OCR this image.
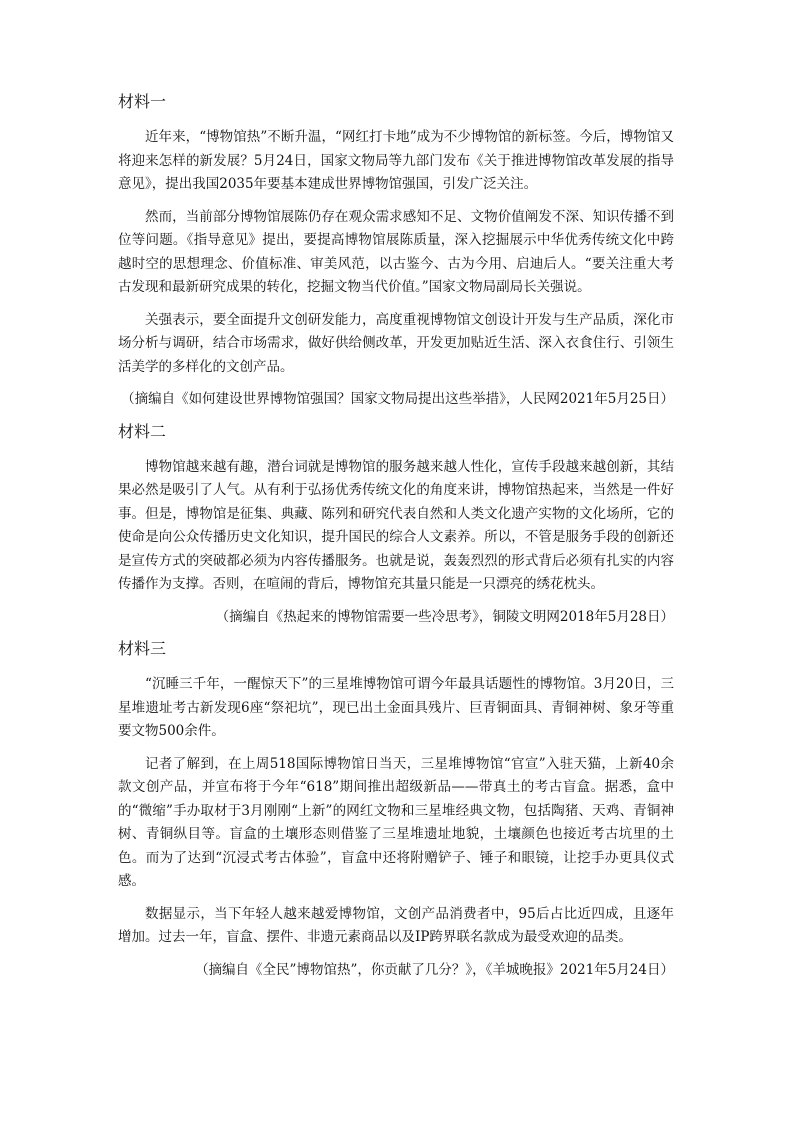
材料一

近年来，“博物馆热”不断升温，“网红打卡地”成为不少博物馆的新标签。今后，博物馆又将迎来怎样的新发展？5月24日，国家文物局等九部门发布《关于推进博物馆改革发展的指导意见》，提出我国2035年要基本建成世界博物馆强国，引发广泛关注。

然而，当前部分博物馆展陈仍存在观众需求感知不足、文物价值阐发不深、知识传播不到位等问题。《指导意见》提出，要提高博物馆展陈质量，深入挖掘展示中华优秀传统文化中跨越时空的思想理念、价值标准、审美风范，以古鉴今、古为今用、启迪后人。“要关注重大考古发现和最新研究成果的转化，挖掘文物当代价值。”国家文物局副局长关强说。

关强表示，要全面提升文创研发能力，高度重视博物馆文创设计开发与生产品质，深化市场分析与调研，结合市场需求，做好供给侧改革，开发更加贴近生活、深入衣食住行、引领生活美学的多样化的文创产品。

（摘编自《如何建设世界博物馆强国？国家文物局提出这些举措》，人民网2021年5月25日）

材料二

博物馆越来越有趣，潜台词就是博物馆的服务越来越人性化，宣传手段越来越创新，其结果必然是吸引了人气。从有利于弘扬优秀传统文化的角度来讲，博物馆热起来，当然是一件好事。但是，博物馆是征集、典藏、陈列和研究代表自然和人类文化遗产实物的文化场所，它的使命是向公众传播历史文化知识，提升国民的综合人文素养。所以，不管是服务手段的创新还是宣传方式的突破都必须为内容传播服务。也就是说，轰轰烈烈的形式背后必须有扎实的内容传播作为支撑。否则，在喧闹的背后，博物馆充其量只能是一只漂亮的绣花枕头。

（摘编自《热起来的博物馆需要一些冷思考》，铜陵文明网2018年5月28日）

材料三

“沉睡三千年，一醒惊天下”的三星堆博物馆可谓今年最具话题性的博物馆。3月20日，三星堆遗址考古新发现6座“祭祀坑”，现已出土金面具残片、巨青铜面具、青铜神树、象牙等重要文物500余件。

记者了解到，在上周518国际博物馆日当天，三星堆博物馆“官宣”入驻天猫，上新40余款文创产品，并宣布将于今年“618”期间推出超级新品——带真土的考古盲盒。据悉，盒中的“微缩”手办取材于3月刚刚“上新”的网红文物和三星堆经典文物，包括陶猪、天鸡、青铜神树、青铜纵目等。盲盒的土壤形态则借鉴了三星堆遗址地貌，土壤颜色也接近考古坑里的土色。而为了达到“沉浸式考古体验”，盲盒中还将附赠铲子、锤子和眼镜，让挖手办更具仪式感。

数据显示，当下年轻人越来越爱博物馆，文创产品消费者中，95后占比近四成，且逐年增加。过去一年，盲盒、摆件、非遗元素商品以及IP跨界联名款成为最受欢迎的品类。

（摘编自《全民”博物馆热”，你贡献了几分？》，《羊城晚报》2021年5月24日）
